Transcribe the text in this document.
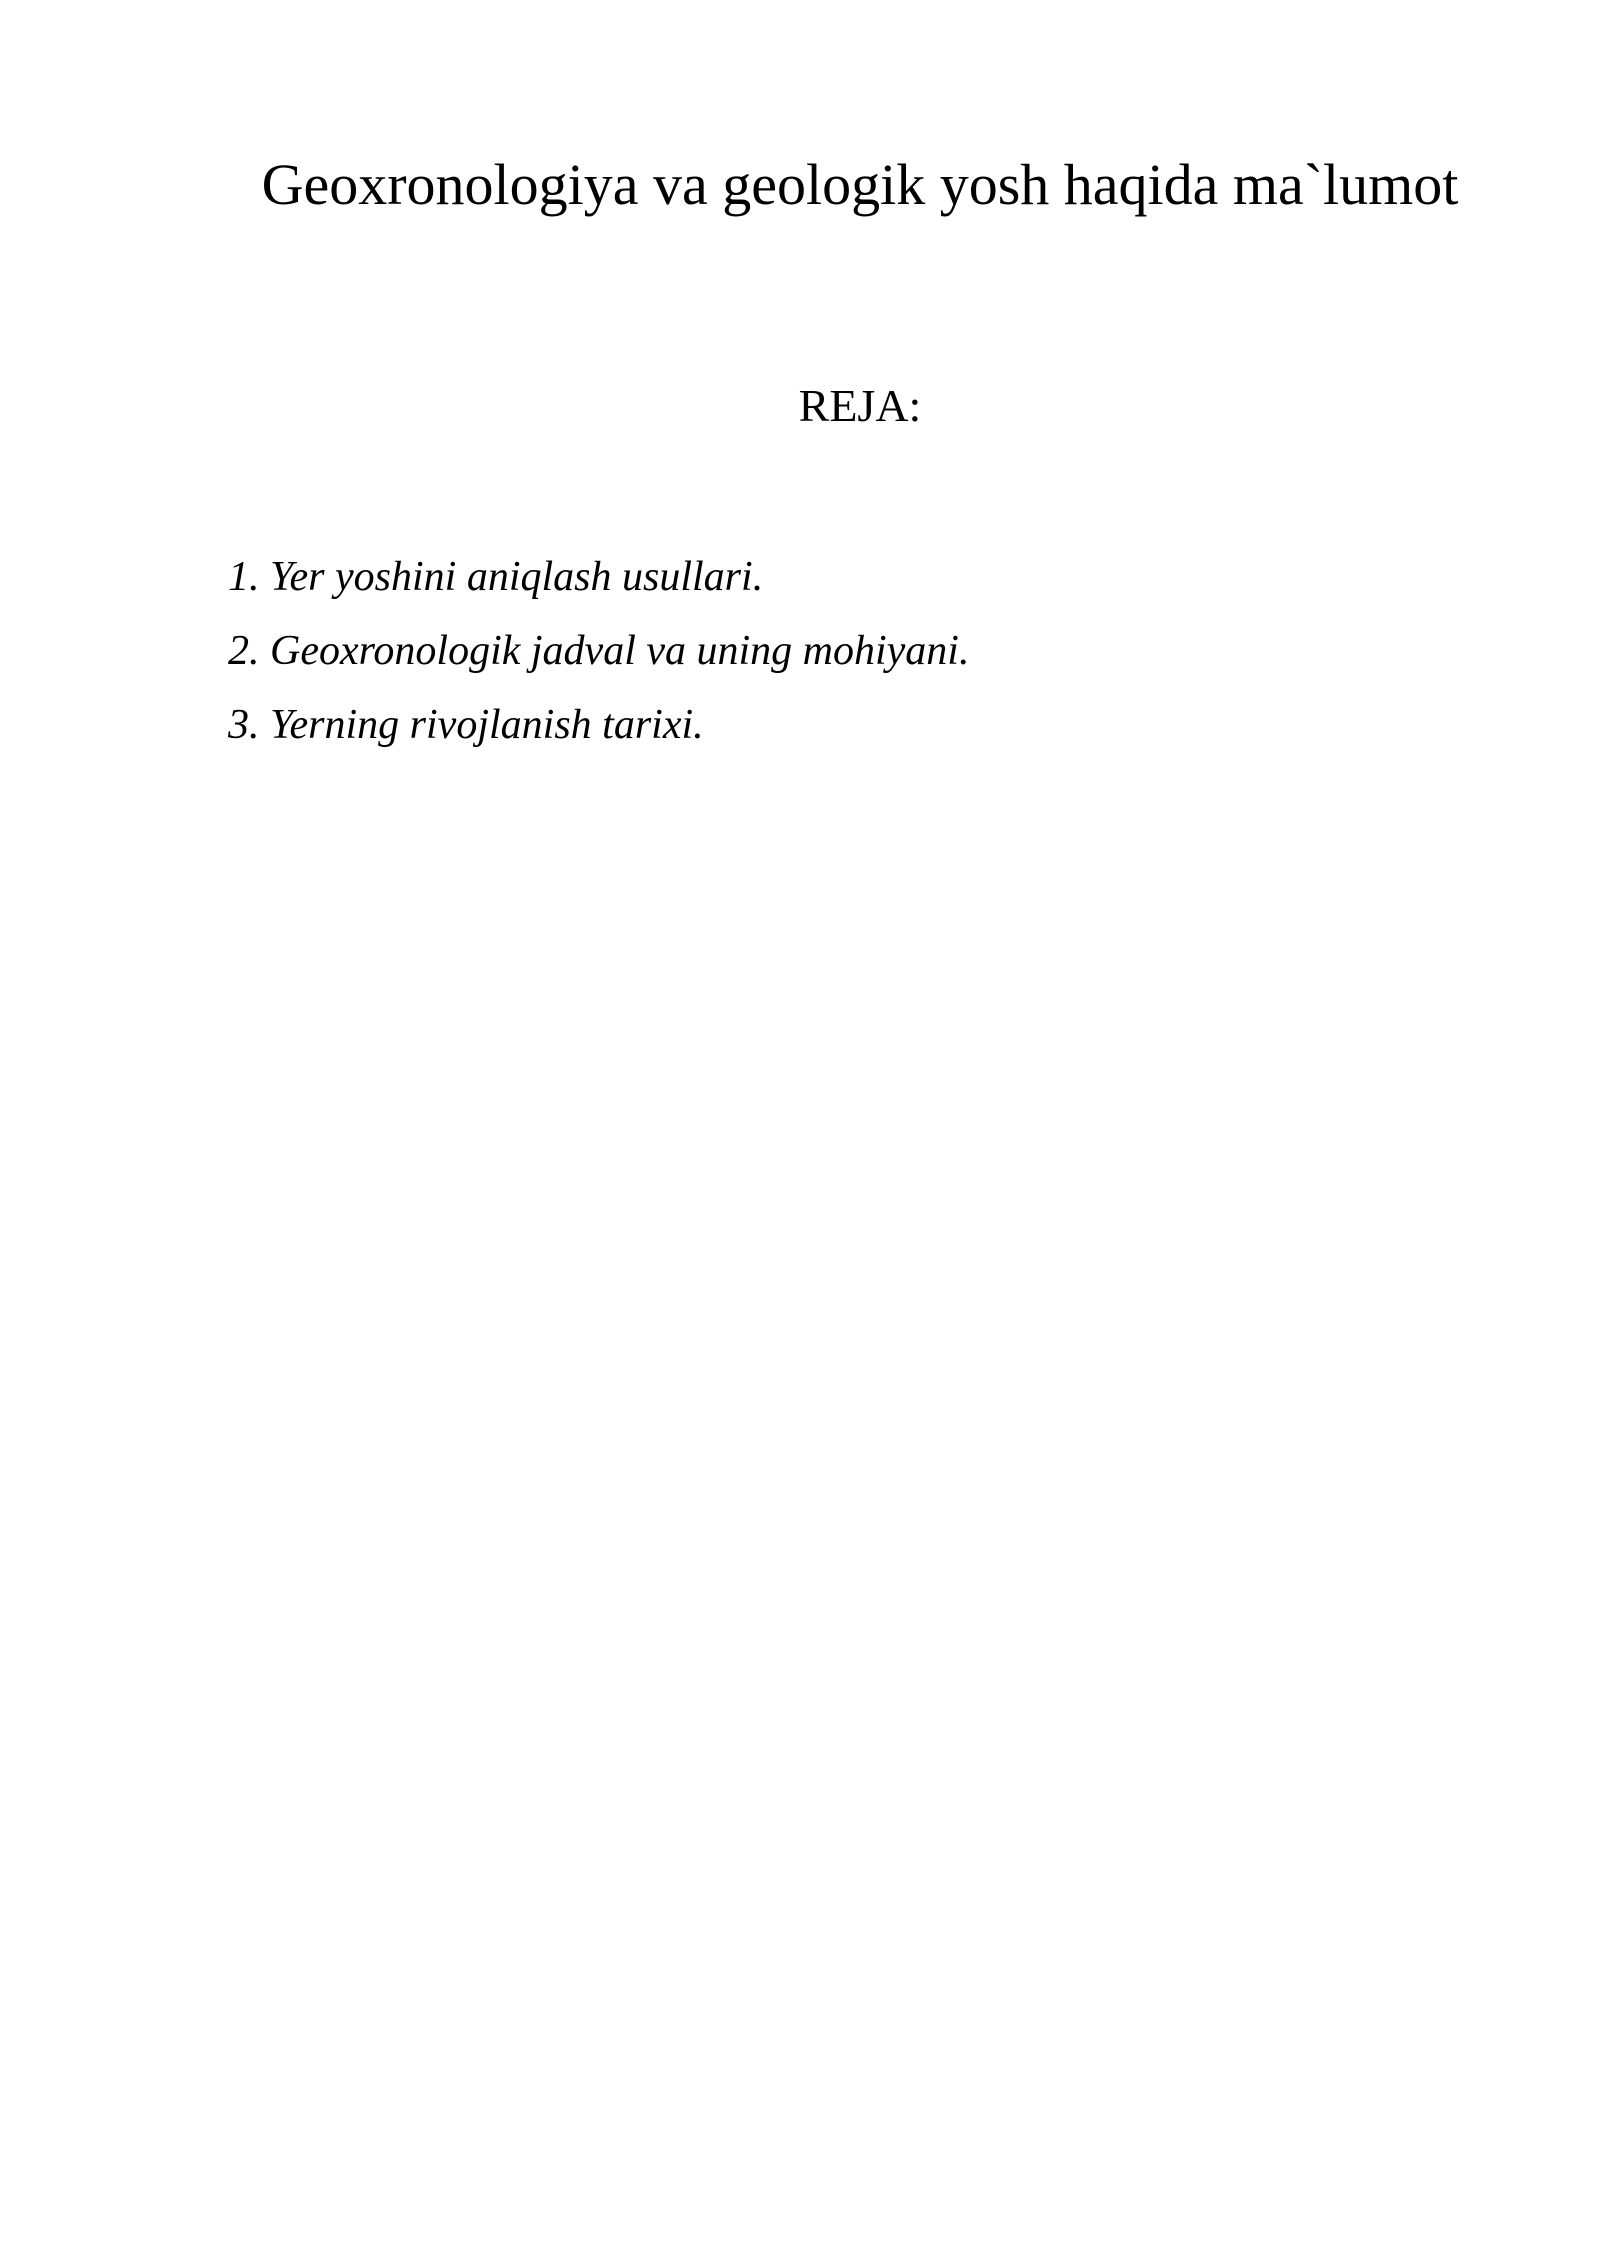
Geoxronologiya va geologik yosh haqida ma`lumot
REJA:
1. Yer yoshini aniqlash usullari.
2. Geoxronologik jadval va uning mohiyani.
3. Yerning rivojlanish tarixi.
